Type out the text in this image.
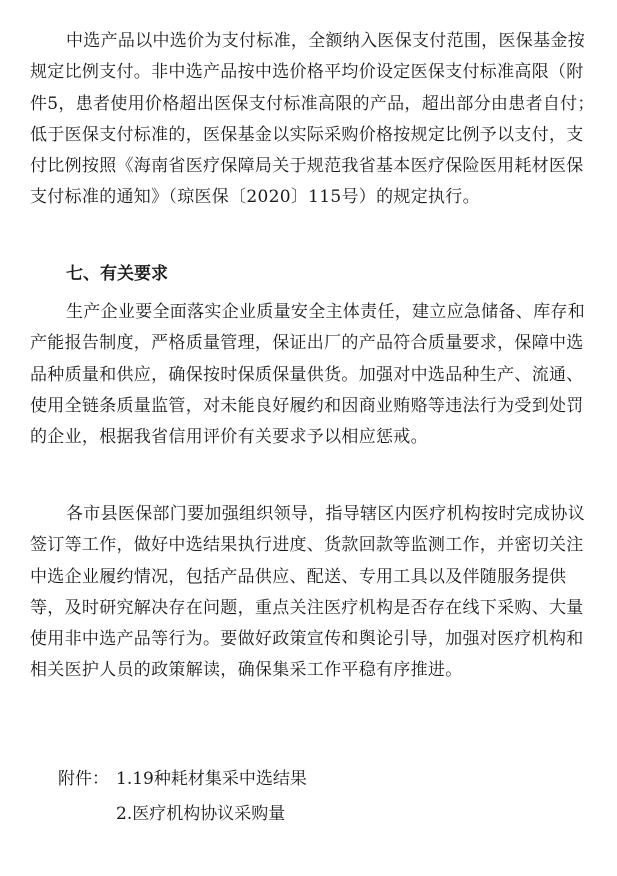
中选产品以中选价为支付标准，全额纳入医保支付范围，医保基金按规定比例支付。非中选产品按中选价格平均价设定医保支付标准高限（附件5，患者使用价格超出医保支付标准高限的产品，超出部分由患者自付；低于医保支付标准的，医保基金以实际采购价格按规定比例予以支付，支付比例按照《海南省医疗保障局关于规范我省基本医疗保险医用耗材医保支付标准的通知》（琼医保〔2020〕115号）的规定执行。

七、有关要求

生产企业要全面落实企业质量安全主体责任，建立应急储备、库存和产能报告制度，严格质量管理，保证出厂的产品符合质量要求，保障中选品种质量和供应，确保按时保质保量供货。加强对中选品种生产、流通、使用全链条质量监管，对未能良好履约和因商业贿赂等违法行为受到处罚的企业，根据我省信用评价有关要求予以相应惩戒。

各市县医保部门要加强组织领导，指导辖区内医疗机构按时完成协议签订等工作，做好中选结果执行进度、货款回款等监测工作，并密切关注中选企业履约情况，包括产品供应、配送、专用工具以及伴随服务提供等，及时研究解决存在问题，重点关注医疗机构是否存在线下采购、大量使用非中选产品等行为。要做好政策宣传和舆论引导，加强对医疗机构和相关医护人员的政策解读，确保集采工作平稳有序推进。

附件： 1.19种耗材集采中选结果
2.医疗机构协议采购量
